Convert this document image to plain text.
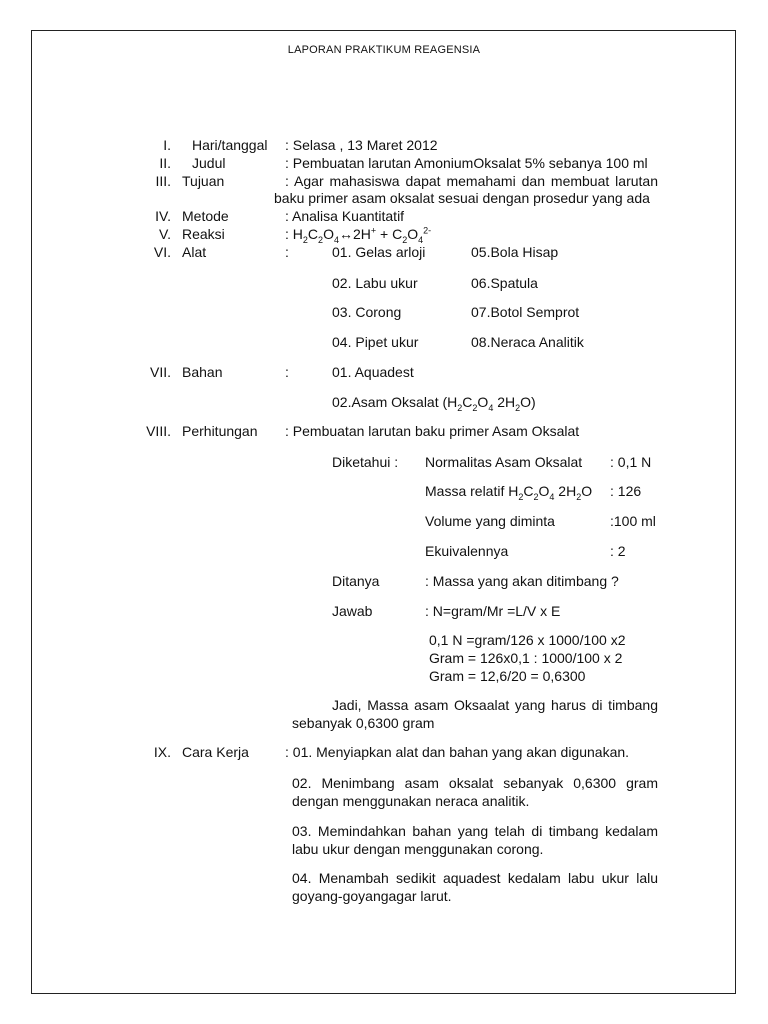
LAPORAN PRAKTIKUM REAGENSIA
I. Hari/tanggal : Selasa , 13 Maret 2012
II. Judul	: Pembuatan larutan AmoniumOksalat 5% sebanya 100 ml
III. Tujuan	: Agar mahasiswa dapat memahami dan membuat larutan
baku primer asam oksalat sesuai dengan prosedur yang ada
IV. Metode	: Analisa Kuantitatif
V. Reaksi	: $H_2C_2O_4\leftrightarrow 2H^+ + C_2O_4^{2-}$
VI. Alat	:	01. Gelas arloji	05.Bola Hisap
02. Labu ukur	06.Spatula
03. Corong	07.Botol Semprot
04. Pipet ukur	08.Neraca Analitik
VII. Bahan	:	01. Aquadest
02.Asam Oksalat ($H_2C_2O_4$ $2H_2O$)
VIII. Perhitungan : Pembuatan larutan baku primer Asam Oksalat
Diketahui : Normalitas Asam Oksalat : 0,1 N
Massa relatif $H_2C_2O_4$ $2H_2O$ : 126
Volume yang diminta	:100 ml
Ekuivalennya	: 2
Ditanya	: Massa yang akan ditimbang ?
Jawab	: N=gram/Mr =L/V x E
0,1 N =gram/126 x 1000/100 x2
Gram = 126x0,1 : 1000/100 x 2
Gram = 12,6/20 = 0,6300
Jadi, Massa asam Oksaalat yang harus di timbang
sebanyak 0,6300 gram
IX. Cara Kerja	: 01. Menyiapkan alat dan bahan yang akan digunakan.
02. Menimbang asam oksalat sebanyak 0,6300 gram
dengan menggunakan neraca analitik.
03. Memindahkan bahan yang telah di timbang kedalam
labu ukur dengan menggunakan corong.
04. Menambah sedikit aquadest kedalam labu ukur lalu
goyang-goyangagar larut.
